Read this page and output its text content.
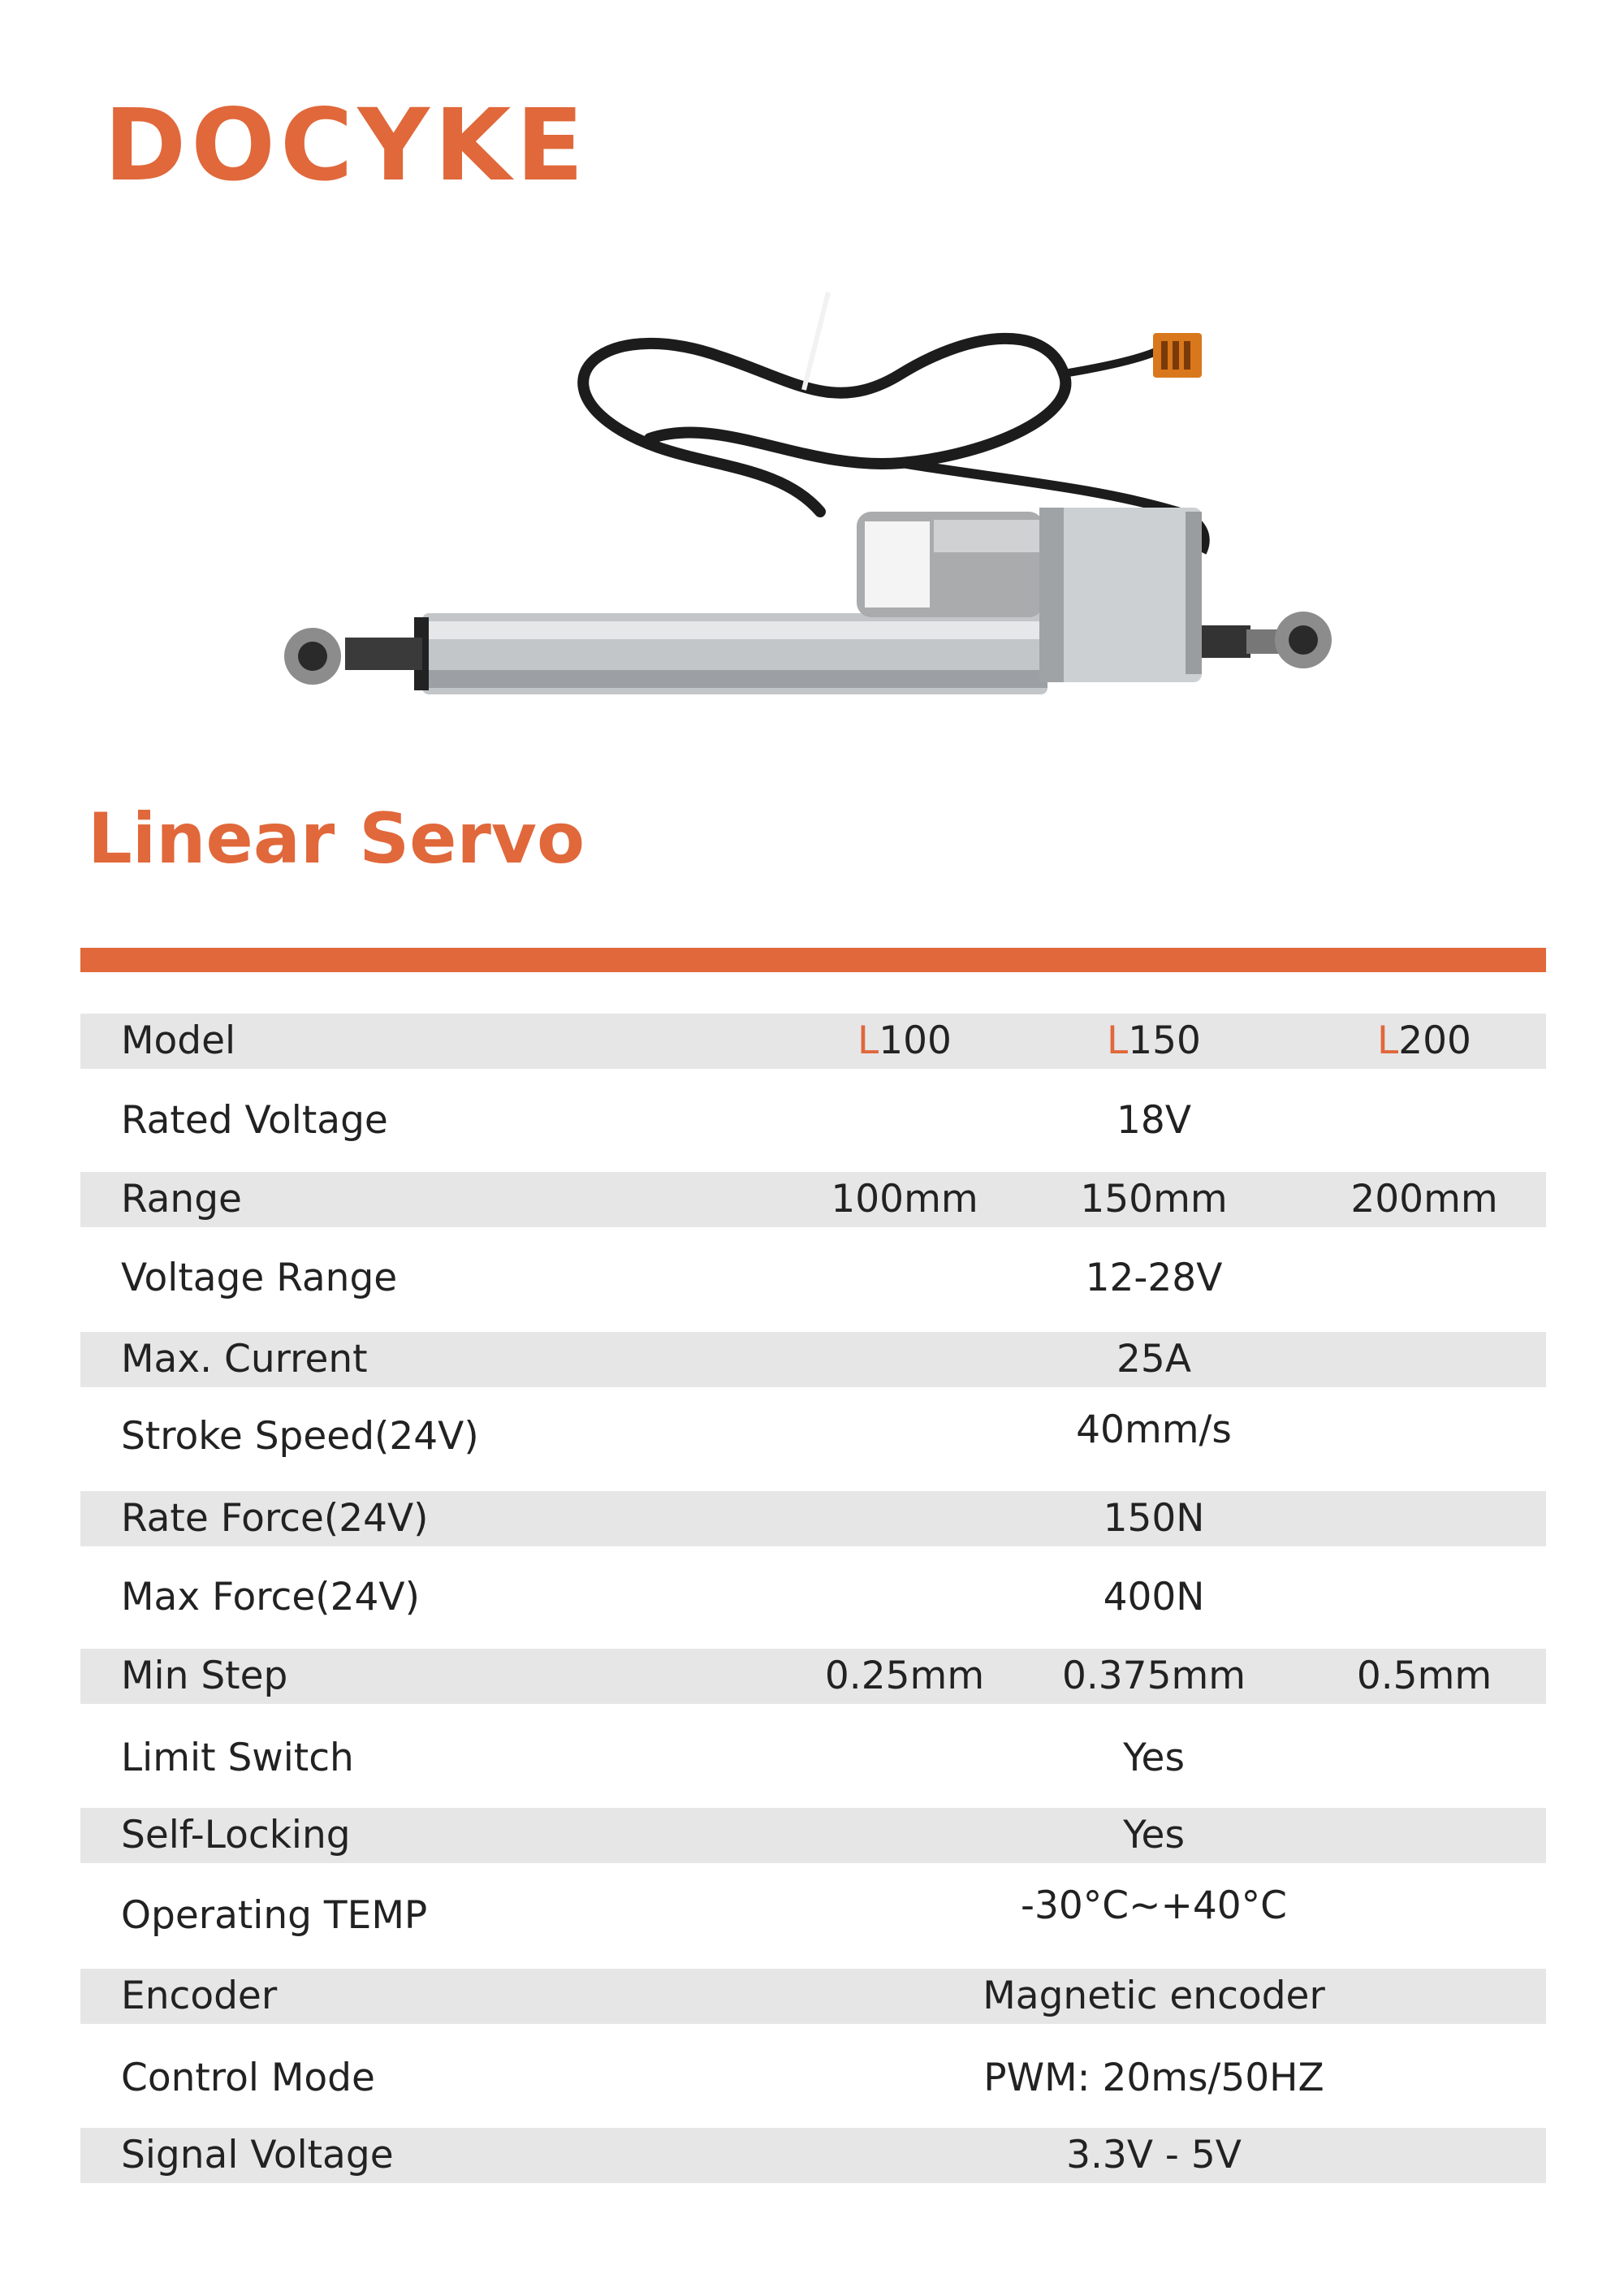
DOCYKE
Linear Servo
Model	L100	L150	L200
Rated Voltage	18V
Range	100mm	150mm	200mm
Voltage Range	12-28V
Max. Current	25A
Stroke Speed(24V)	40mm/s
Rate Force(24V)	150N
Max Force(24V)	400N
Min Step	0.25mm	0.375mm	0.5mm
Limit Switch	Yes
Self-Locking	Yes
Operating TEMP	-30°C~+40°C
Encoder	Magnetic encoder
Control Mode	PWM: 20ms/50HZ
Signal Voltage	3.3V - 5V
